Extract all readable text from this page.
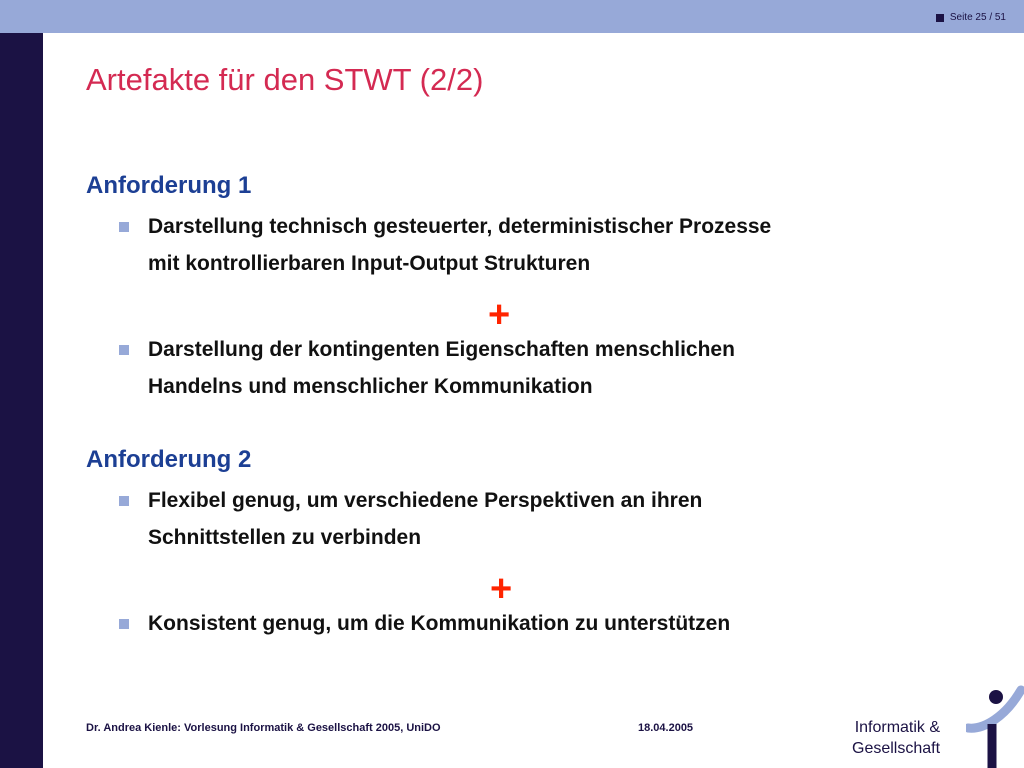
Seite 25 / 51
Artefakte für den STWT (2/2)
Anforderung 1
Darstellung technisch gesteuerter, deterministischer Prozesse
mit kontrollierbaren Input-Output Strukturen
+
Darstellung der kontingenten Eigenschaften menschlichen
Handelns und menschlicher Kommunikation
Anforderung 2
Flexibel genug, um verschiedene Perspektiven an ihren
Schnittstellen zu verbinden
+
Konsistent genug, um die Kommunikation zu unterstützen
Dr. Andrea Kienle: Vorlesung Informatik & Gesellschaft 2005, UniDO	18.04.2005	Informatik &
Gesellschaft
